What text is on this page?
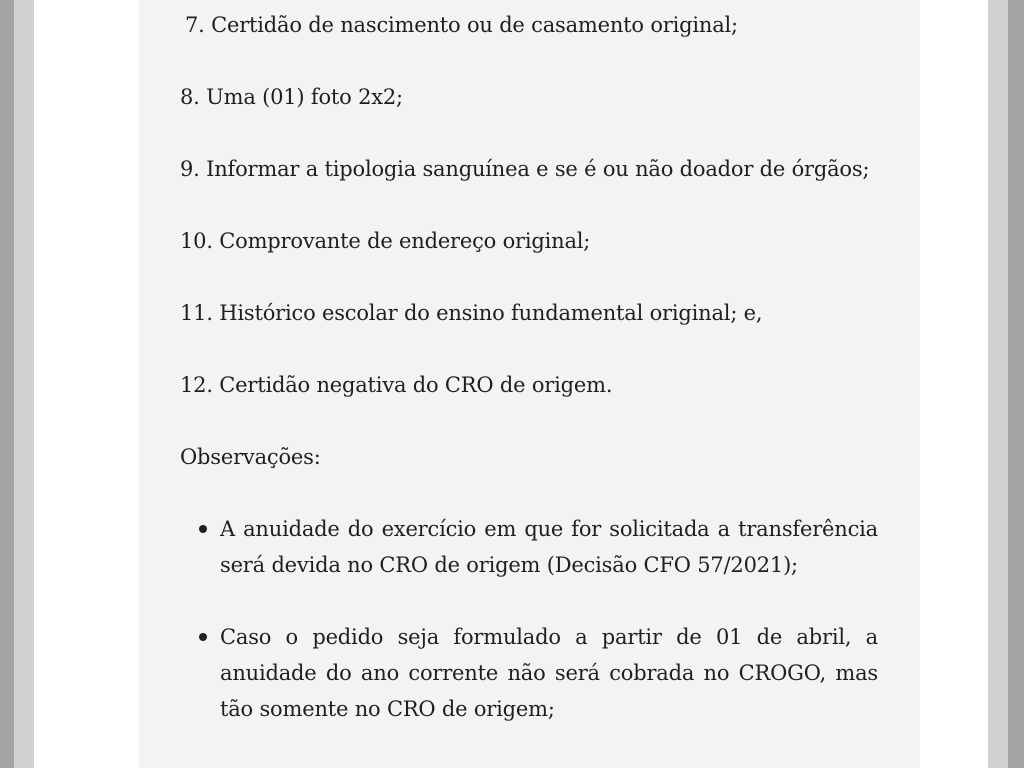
7. Certidão de nascimento ou de casamento original;

8. Uma (01) foto 2x2;

9. Informar a tipologia sanguínea e se é ou não doador de órgãos;

10. Comprovante de endereço original;

11. Histórico escolar do ensino fundamental original; e,

12. Certidão negativa do CRO de origem.

Observações:

A anuidade do exercício em que for solicitada a transferência será devida no CRO de origem (Decisão CFO 57/2021);
Caso o pedido seja formulado a partir de 01 de abril, a anuidade do ano corrente não será cobrada no CROGO, mas tão somente no CRO de origem;
